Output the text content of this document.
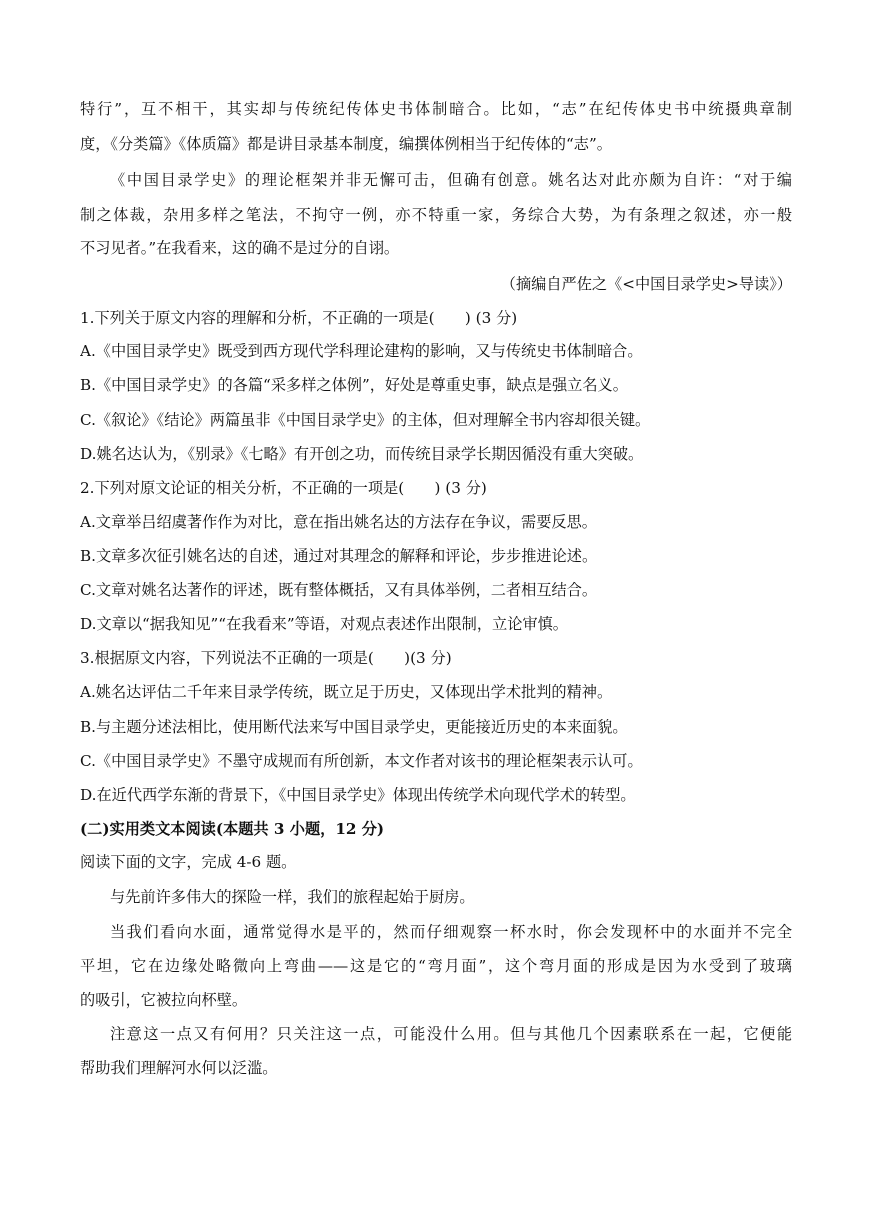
特行”，互不相干，其实却与传统纪传体史书体制暗合。比如，“志”在纪传体史书中统摄典章制
度，《分类篇》《体质篇》都是讲目录基本制度，编撰体例相当于纪传体的“志”。
《中国目录学史》的理论框架并非无懈可击，但确有创意。姚名达对此亦颇为自许：“对于编
制之体裁，杂用多样之笔法，不拘守一例，亦不特重一家，务综合大势，为有条理之叙述，亦一般
不习见者。”在我看来，这的确不是过分的自诩。
（摘编自严佐之《<中国目录学史>导读》）
1.下列关于原文内容的理解和分析，不正确的一项是(　　) (3 分)
A.《中国目录学史》既受到西方现代学科理论建构的影响，又与传统史书体制暗合。
B.《中国目录学史》的各篇“采多样之体例”，好处是尊重史事，缺点是强立名义。
C.《叙论》《结论》两篇虽非《中国目录学史》的主体，但对理解全书内容却很关键。
D.姚名达认为，《别录》《七略》有开创之功，而传统目录学长期因循没有重大突破。
2.下列对原文论证的相关分析，不正确的一项是(　　) (3 分)
A.文章举吕绍虞著作作为对比，意在指出姚名达的方法存在争议，需要反思。
B.文章多次征引姚名达的自述，通过对其理念的解释和评论，步步推进论述。
C.文章对姚名达著作的评述，既有整体概括，又有具体举例，二者相互结合。
D.文章以“据我知见”“在我看来”等语，对观点表述作出限制，立论审慎。
3.根据原文内容，下列说法不正确的一项是(　　)(3 分)
A.姚名达评估二千年来目录学传统，既立足于历史，又体现出学术批判的精神。
B.与主题分述法相比，使用断代法来写中国目录学史，更能接近历史的本来面貌。
C.《中国目录学史》不墨守成规而有所创新，本文作者对该书的理论框架表示认可。
D.在近代西学东渐的背景下，《中国目录学史》体现出传统学术向现代学术的转型。
(二)实用类文本阅读(本题共 3 小题，12 分)
阅读下面的文字，完成 4-6 题。
与先前许多伟大的探险一样，我们的旅程起始于厨房。
当我们看向水面，通常觉得水是平的，然而仔细观察一杯水时，你会发现杯中的水面并不完全
平坦，它在边缘处略微向上弯曲——这是它的“弯月面”，这个弯月面的形成是因为水受到了玻璃
的吸引，它被拉向杯壁。
注意这一点又有何用？只关注这一点，可能没什么用。但与其他几个因素联系在一起，它便能
帮助我们理解河水何以泛滥。
